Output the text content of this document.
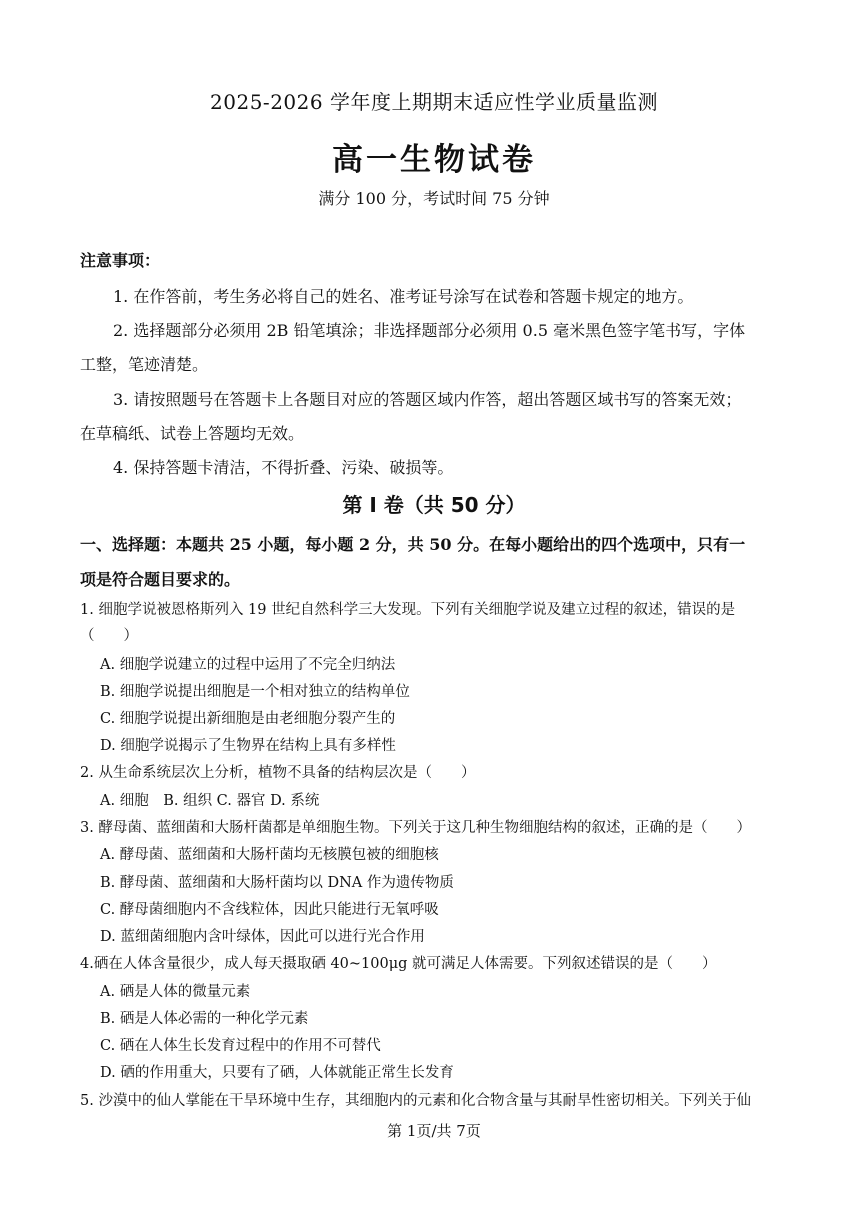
2025-2026 学年度上期期末适应性学业质量监测
高一生物试卷
满分 100 分，考试时间 75 分钟
注意事项：
1. 在作答前，考生务必将自己的姓名、准考证号涂写在试卷和答题卡规定的地方。
2. 选择题部分必须用 2B 铅笔填涂；非选择题部分必须用 0.5 毫米黑色签字笔书写，字体
工整，笔迹清楚。
3. 请按照题号在答题卡上各题目对应的答题区域内作答，超出答题区域书写的答案无效；
在草稿纸、试卷上答题均无效。
4. 保持答题卡清洁，不得折叠、污染、破损等。
第 Ⅰ 卷（共 50 分）
一、选择题：本题共 25 小题，每小题 2 分，共 50 分。在每小题给出的四个选项中，只有一
项是符合题目要求的。
1. 细胞学说被恩格斯列入 19 世纪自然科学三大发现。下列有关细胞学说及建立过程的叙述，错误的是
（　　）
A. 细胞学说建立的过程中运用了不完全归纳法
B. 细胞学说提出细胞是一个相对独立的结构单位
C. 细胞学说提出新细胞是由老细胞分裂产生的
D. 细胞学说揭示了生物界在结构上具有多样性
2. 从生命系统层次上分析，植物不具备的结构层次是（　　）
A. 细胞　B. 组织 C. 器官 D. 系统
3. 酵母菌、蓝细菌和大肠杆菌都是单细胞生物。下列关于这几种生物细胞结构的叙述，正确的是（　　）
A. 酵母菌、蓝细菌和大肠杆菌均无核膜包被的细胞核
B. 酵母菌、蓝细菌和大肠杆菌均以 DNA 作为遗传物质
C. 酵母菌细胞内不含线粒体，因此只能进行无氧呼吸
D. 蓝细菌细胞内含叶绿体，因此可以进行光合作用
4.硒在人体含量很少，成人每天摄取硒 40~100μg 就可满足人体需要。下列叙述错误的是（　　）
A. 硒是人体的微量元素
B. 硒是人体必需的一种化学元素
C. 硒在人体生长发育过程中的作用不可替代
D. 硒的作用重大，只要有了硒，人体就能正常生长发育
5. 沙漠中的仙人掌能在干旱环境中生存，其细胞内的元素和化合物含量与其耐旱性密切相关。下列关于仙
第 1页/共 7页
